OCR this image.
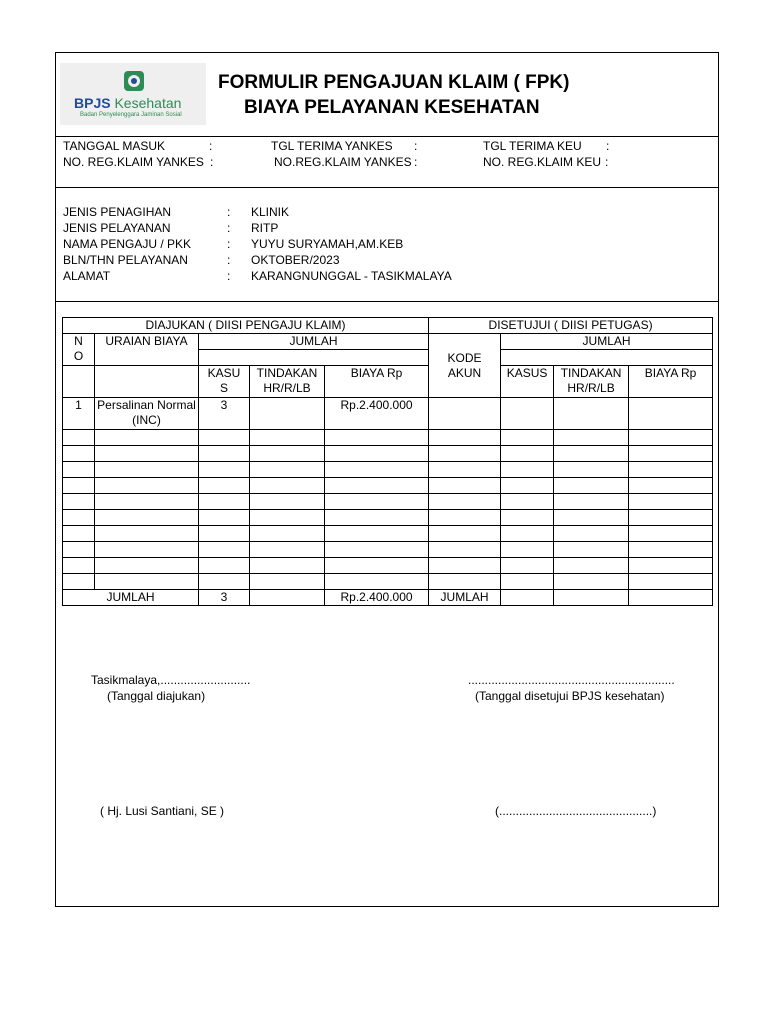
BPJS Kesehatan
Badan Penyelenggara Jaminan Sosial
FORMULIR PENGAJUAN KLAIM ( FPK)
BIAYA PELAYANAN KESEHATAN
TANGGAL MASUK	:	TGL TERIMA YANKES :	TGL TERIMA KEU :
NO. REG.KLAIM YANKES :	NO.REG.KLAIM YANKES :	NO. REG.KLAIM KEU :
JENIS PENAGIHAN	: KLINIK
JENIS PELAYANAN	: RITP
NAMA PENGAJU / PKK	: YUYU SURYAMAH,AM.KEB
BLN/THN PELAYANAN	: OKTOBER/2023
ALAMAT	: KARANGNUNGGAL - TASIKMALAYA
Tasikmalaya,...........................
(Tanggal diajukan)
..............................................................
(Tanggal disetujui BPJS kesehatan)
( Hj. Lusi Santiani, SE )	(..............................................)
DIAJUKAN ( DIISI PENGAJU KLAIM)					DISETUJUI ( DIISI PETUGAS)			
N O	URAIAN BIAYA	JUMLAH			KODE AKUN	JUMLAH		

		KASU S	TINDAKAN HR/R/LB	BIAYA Rp		KASUS	TINDAKAN HR/R/LB	BIAYA Rp
1	Persalinan Normal (INC)	3		Rp.2.400.000				

JUMLAH		3		Rp.2.400.000	JUMLAH			
